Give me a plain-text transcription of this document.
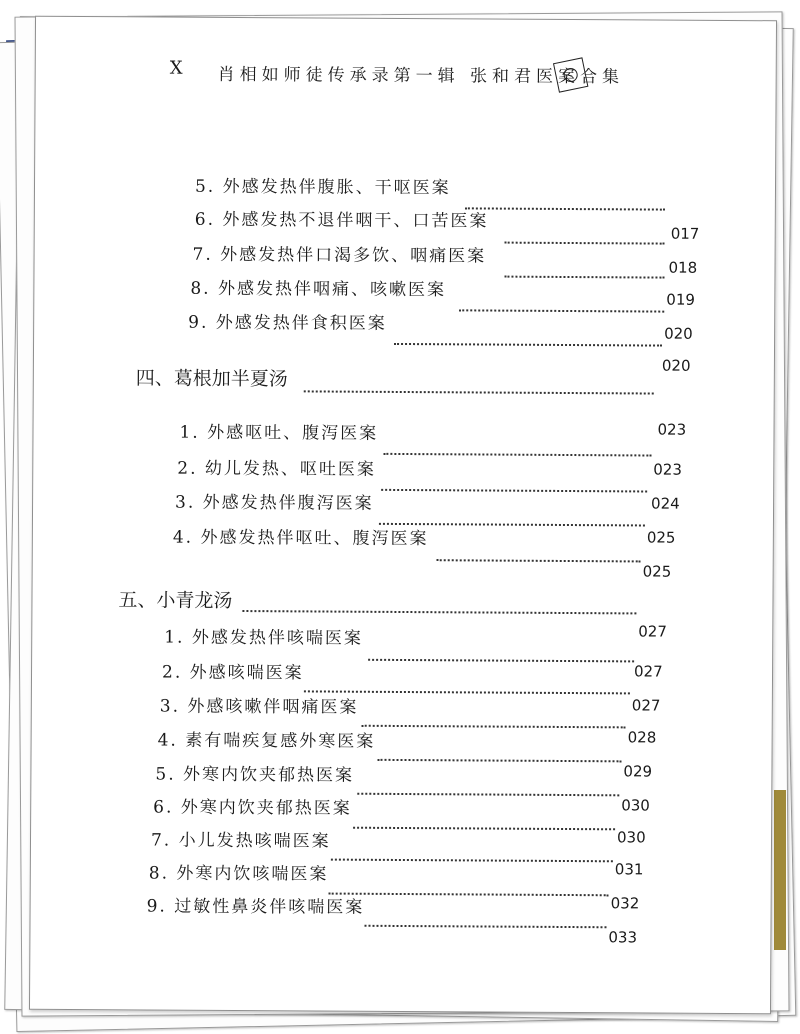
X 肖相如师徒传承录第一辑 张和君医案合集
5. 外感发热伴腹胀、干呕医案
017
6. 外感发热不退伴咽干、口苦医案
018
7. 外感发热伴口渴多饮、咽痛医案
019
8. 外感发热伴咽痛、咳嗽医案
020
9. 外感发热伴食积医案
020
四、葛根加半夏汤
023
1. 外感呕吐、腹泻医案
023
2. 幼儿发热、呕吐医案
024
3. 外感发热伴腹泻医案
025
4. 外感发热伴呕吐、腹泻医案
025
五、小青龙汤
027
1. 外感发热伴咳喘医案
027
2. 外感咳喘医案
027
3. 外感咳嗽伴咽痛医案
028
4. 素有喘疾复感外寒医案
029
5. 外寒内饮夹郁热医案
030
6. 外寒内饮夹郁热医案
030
7. 小儿发热咳喘医案
031
8. 外寒内饮咳喘医案
032
9. 过敏性鼻炎伴咳喘医案
033
